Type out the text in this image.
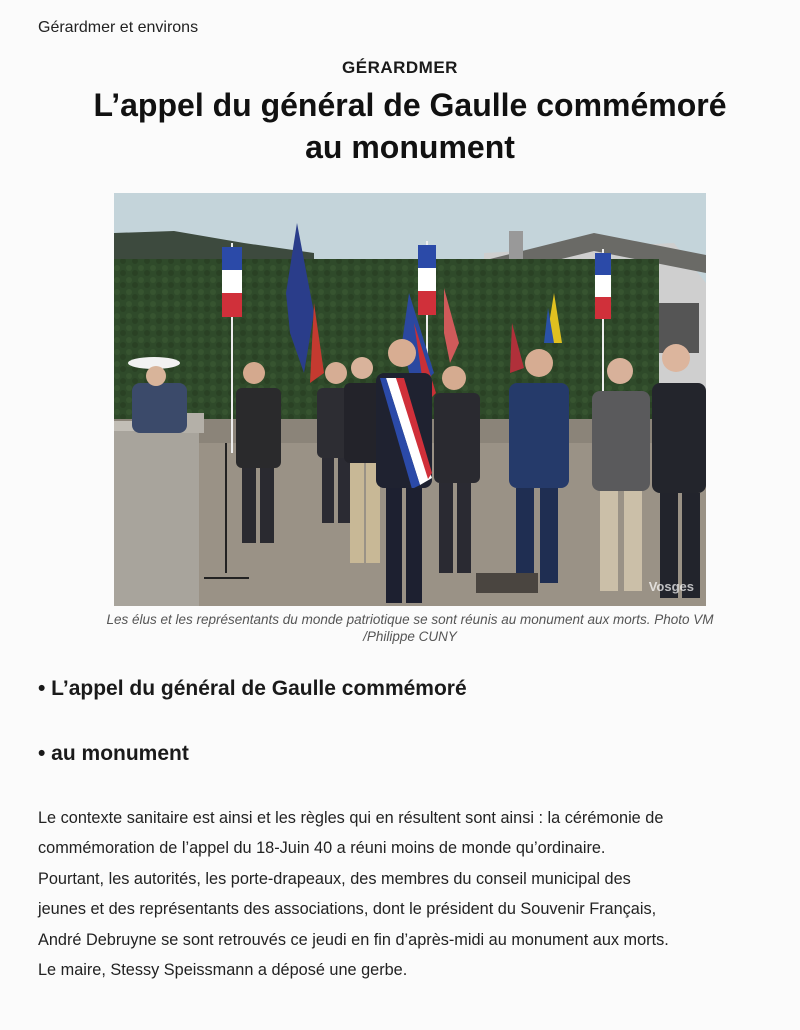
Gérardmer et environs
GÉRARDMER
L’appel du général de Gaulle commémoré
au monument
Vosges
Les élus et les représentants du monde patriotique se sont réunis au monument aux morts. Photo VM
/Philippe CUNY
• L’appel du général de Gaulle commémoré
• au monument
Le contexte sanitaire est ainsi et les règles qui en résultent sont ainsi : la cérémonie de
commémoration de l’appel du 18-Juin 40 a réuni moins de monde qu’ordinaire.
Pourtant, les autorités, les porte-drapeaux, des membres du conseil municipal des
jeunes et des représentants des associations, dont le président du Souvenir Français,
André Debruyne se sont retrouvés ce jeudi en fin d’après-midi au monument aux morts.
Le maire, Stessy Speissmann a déposé une gerbe.
